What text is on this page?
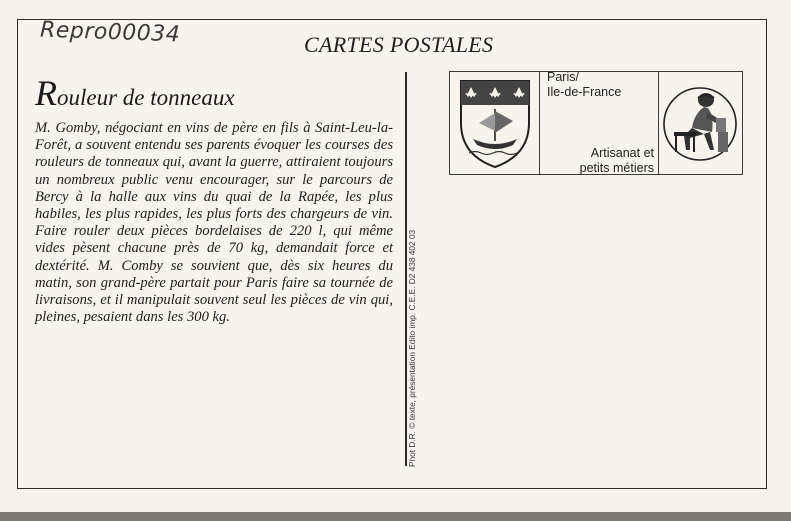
Repro00034	CARTES POSTALES
Rouleur de tonneaux
M. Gomby, négociant en vins de père en fils à Saint-Leu-la-Forêt, a souvent entendu ses parents évoquer les courses des rouleurs de tonneaux qui, avant la guerre, attiraient toujours un nombreux public venu encourager, sur le parcours de Bercy à la halle aux vins du quai de la Rapée, les plus habiles, les plus rapides, les plus forts des chargeurs de vin. Faire rouler deux pièces bordelaises de 220 l, qui même vides pèsent chacune près de 70 kg, demandait force et dextérité. M. Comby se souvient que, dès six heures du matin, son grand-père partait pour Paris faire sa tournée de livraisons, et il manipulait souvent seul les pièces de vin qui, pleines, pesaient dans les 300 kg.	Phot D.R. © texte, présentation Edito imp. C.E.E. D2 438 402 03
Paris/
Ile-de-France
Artisanat et
petits métiers
